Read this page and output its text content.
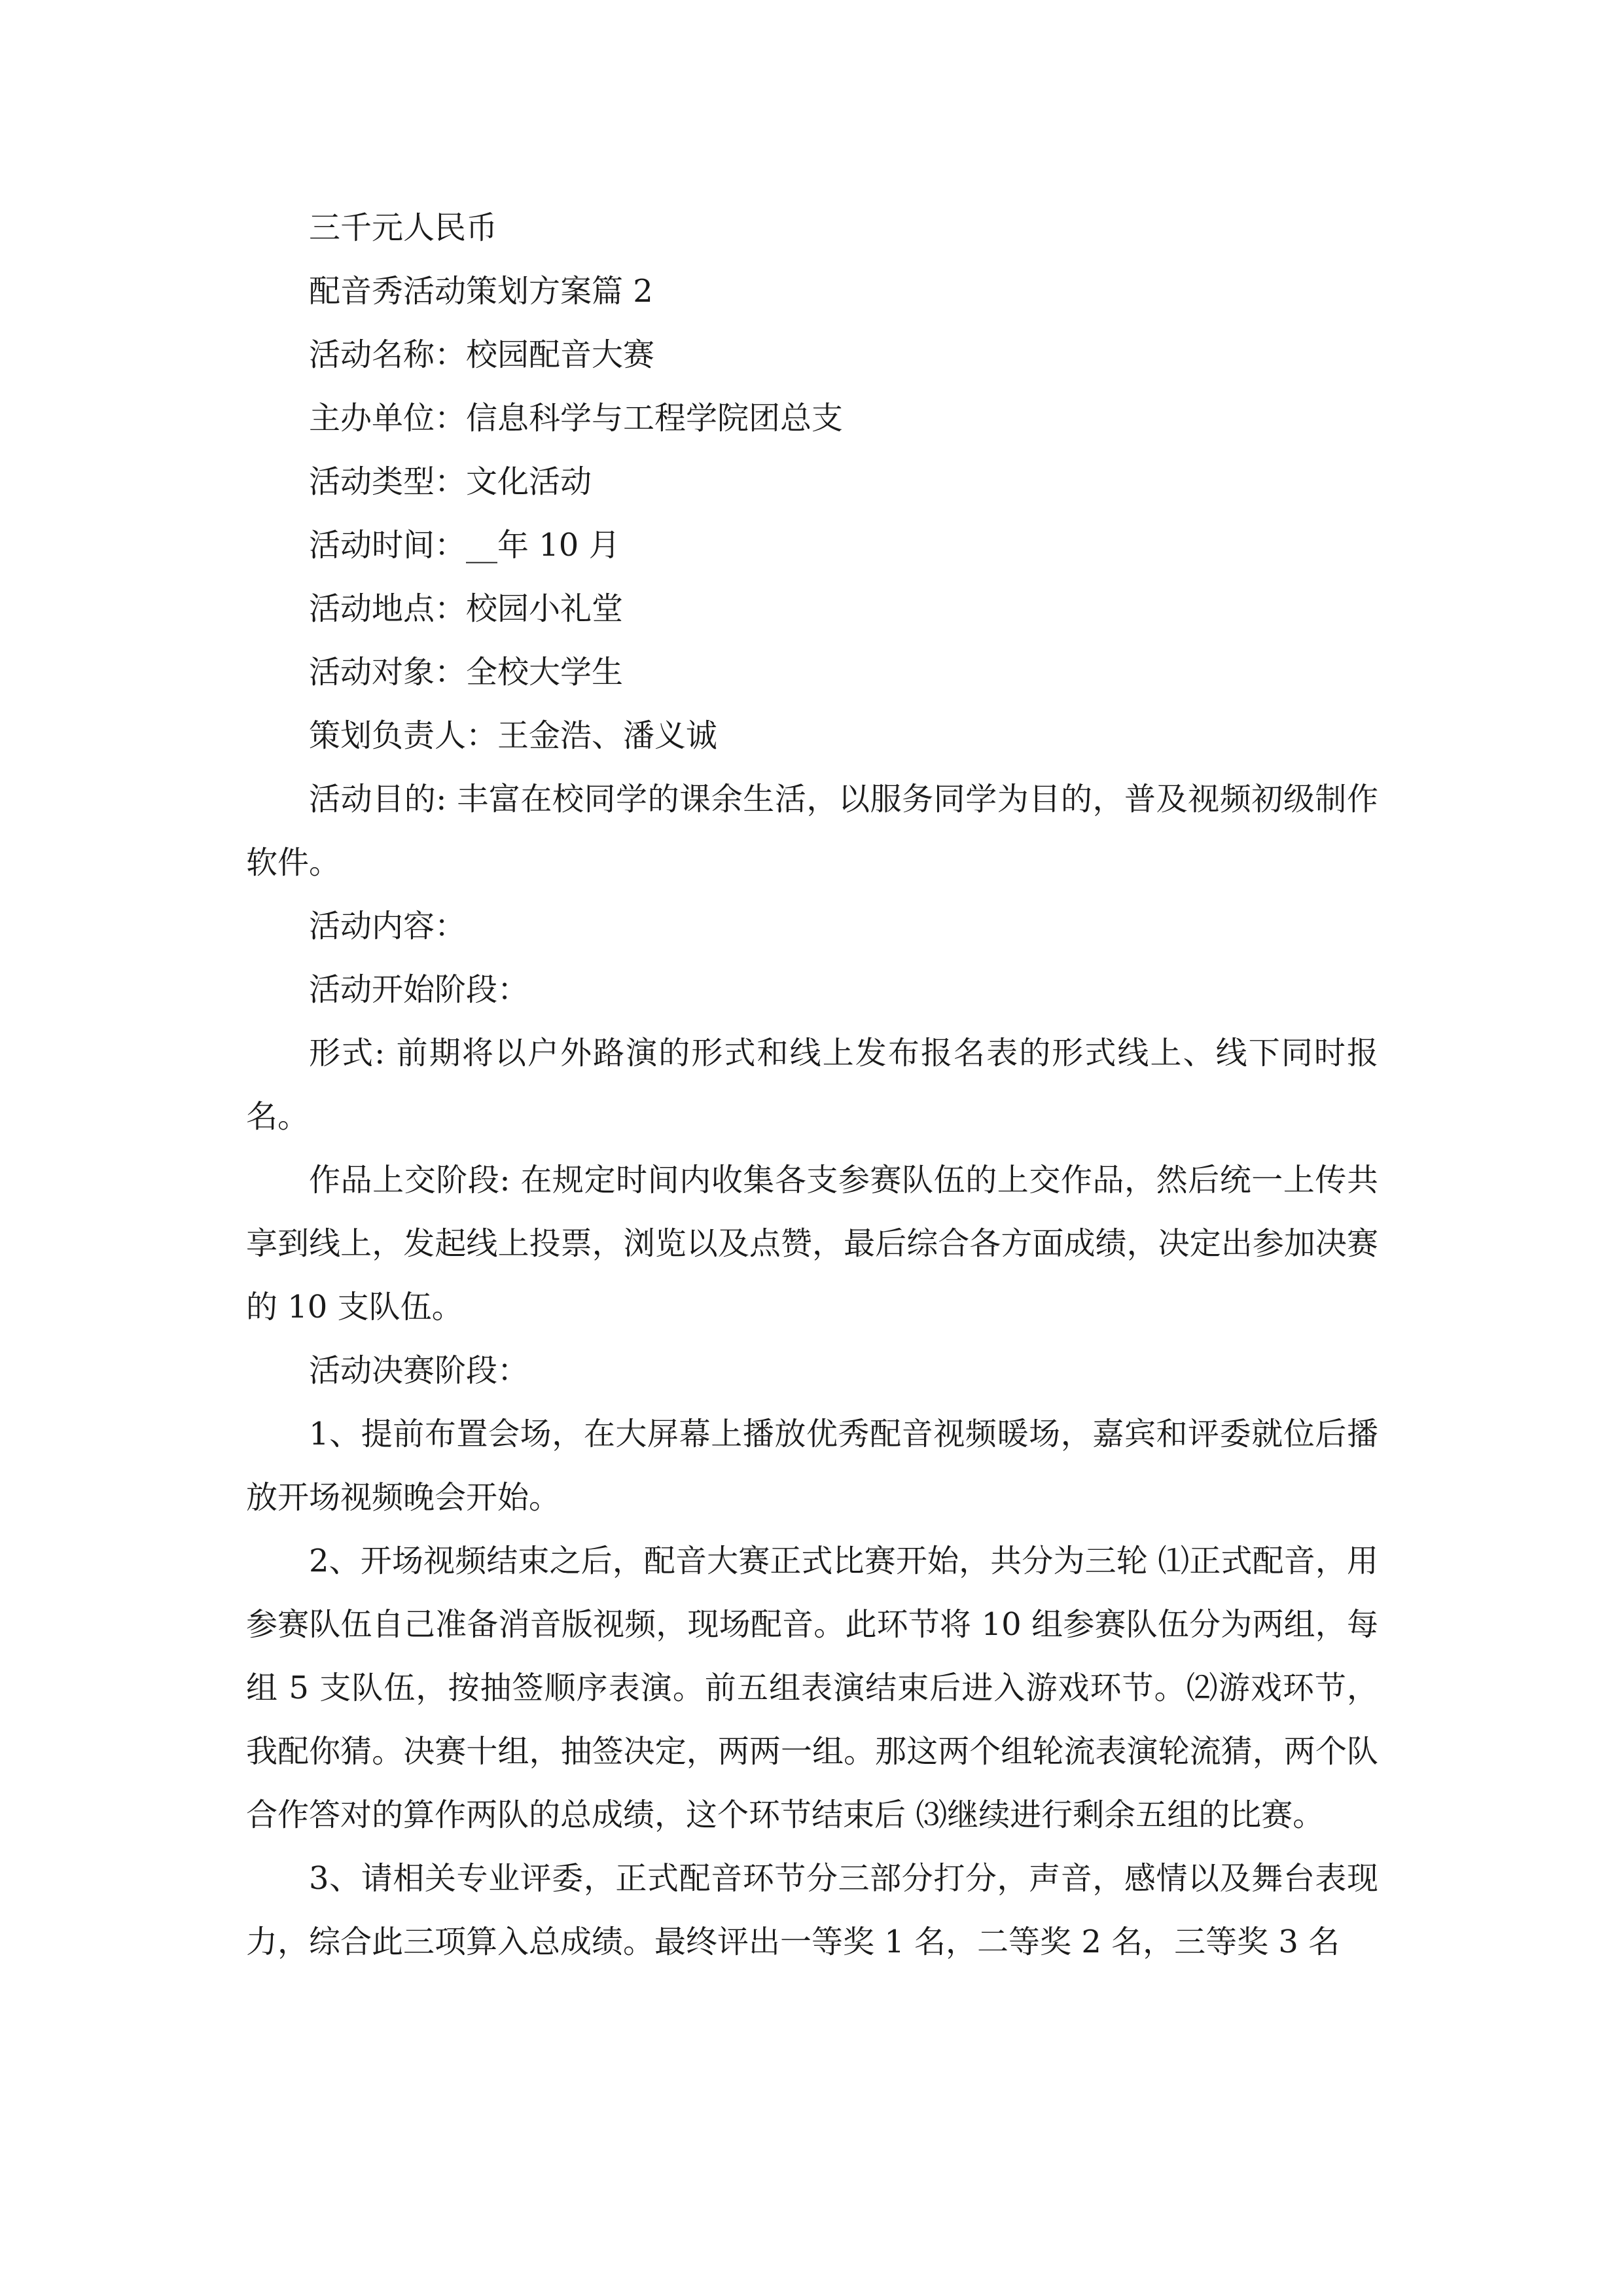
三千元人民币

配音秀活动策划方案篇 2

活动名称：校园配音大赛

主办单位：信息科学与工程学院团总支

活动类型：文化活动

活动时间：__年 10 月

活动地点：校园小礼堂

活动对象：全校大学生

策划负责人：王金浩、潘义诚

活动目的: 丰富在校同学的课余生活，以服务同学为目的，普及视频初级制作软件。

活动内容：

活动开始阶段：

形式: 前期将以户外路演的形式和线上发布报名表的形式线上、线下同时报名。

作品上交阶段: 在规定时间内收集各支参赛队伍的上交作品，然后统一上传共享到线上，发起线上投票，浏览以及点赞，最后综合各方面成绩，决定出参加决赛的 10 支队伍。

活动决赛阶段：

1、提前布置会场，在大屏幕上播放优秀配音视频暖场，嘉宾和评委就位后播放开场视频晚会开始。

2、开场视频结束之后，配音大赛正式比赛开始，共分为三轮 ⑴正式配音，用参赛队伍自己准备消音版视频，现场配音。此环节将 10 组参赛队伍分为两组，每组 5 支队伍，按抽签顺序表演。前五组表演结束后进入游戏环节。⑵游戏环节，我配你猜。决赛十组，抽签决定，两两一组。那这两个组轮流表演轮流猜，两个队合作答对的算作两队的总成绩，这个环节结束后 ⑶继续进行剩余五组的比赛。

3、请相关专业评委，正式配音环节分三部分打分，声音，感情以及舞台表现力，综合此三项算入总成绩。最终评出一等奖 1 名，二等奖 2 名，三等奖 3 名
